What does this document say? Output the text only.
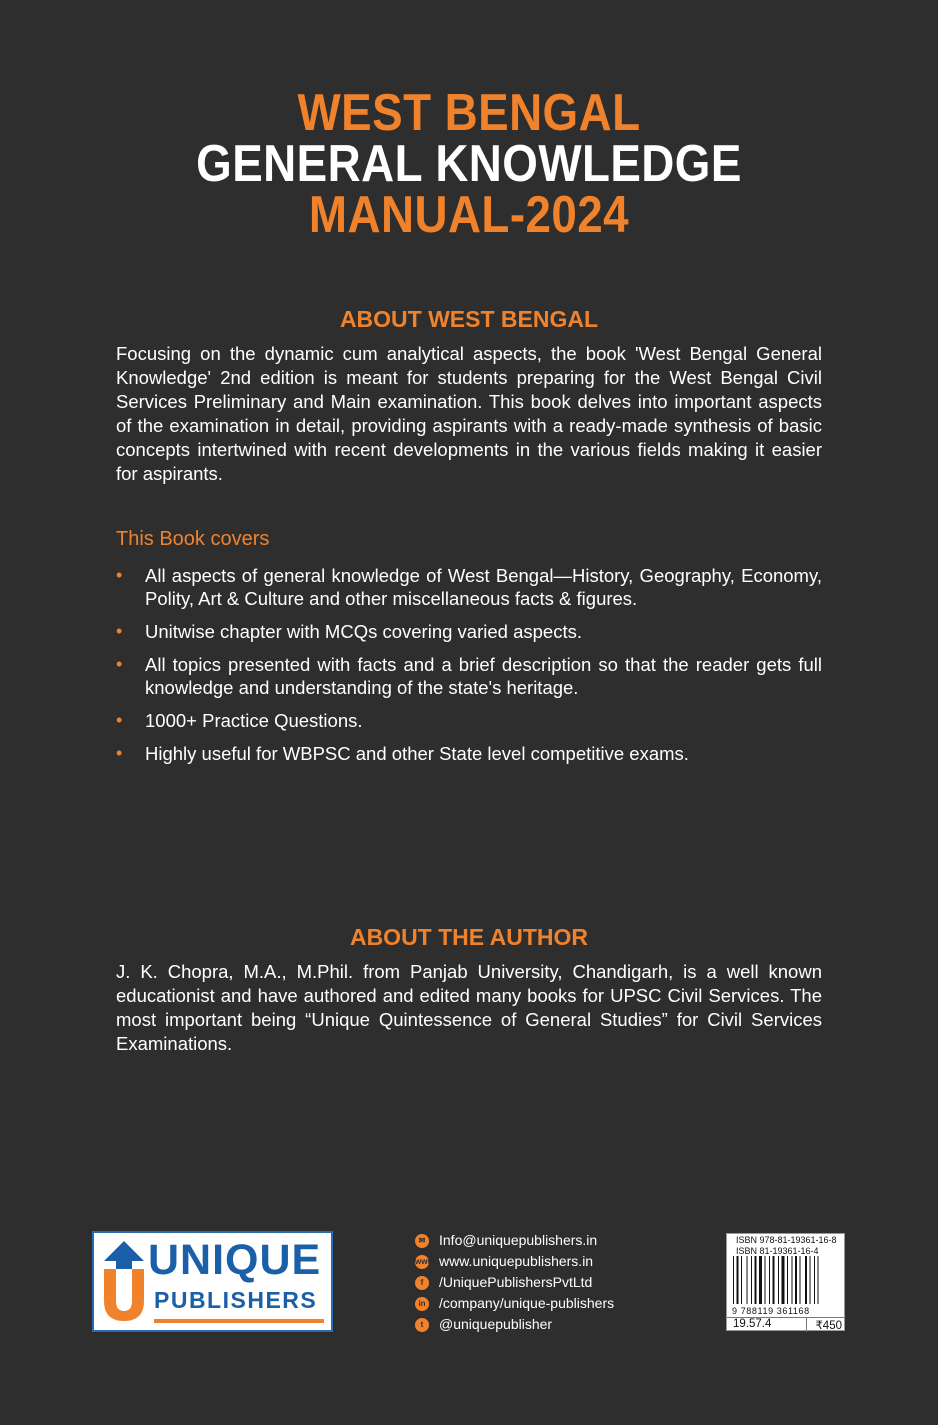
WEST BENGAL
GENERAL KNOWLEDGE
MANUAL-2024
ABOUT WEST BENGAL
Focusing on the dynamic cum analytical aspects, the book 'West Bengal General Knowledge' 2nd edition is meant for students preparing for the West Bengal Civil Services Preliminary and Main examination. This book delves into important aspects of the examination in detail, providing aspirants with a ready-made synthesis of basic concepts intertwined with recent developments in the various fields making it easier for aspirants.
This Book covers
• All aspects of general knowledge of West Bengal—History, Geography, Economy, Polity, Art & Culture and other miscellaneous facts & figures.
• Unitwise chapter with MCQs covering varied aspects.
• All topics presented with facts and a brief description so that the reader gets full knowledge and understanding of the state's heritage.
• 1000+ Practice Questions.
• Highly useful for WBPSC and other State level competitive exams.
ABOUT THE AUTHOR
J. K. Chopra, M.A., M.Phil. from Panjab University, Chandigarh, is a well known educationist and have authored and edited many books for UPSC Civil Services. The most important being “Unique Quintessence of General Studies” for Civil Services Examinations.
UNIQUE
PUBLISHERS
✉ Info@uniquepublishers.in
www www.uniquepublishers.in
f	/UniquePublishersPvtLtd
in /company/unique-publishers
t	@uniquepublisher
ISBN 978-81-19361-16-8
ISBN 81-19361-16-4
9 788119 361168
19.57.4	₹450
